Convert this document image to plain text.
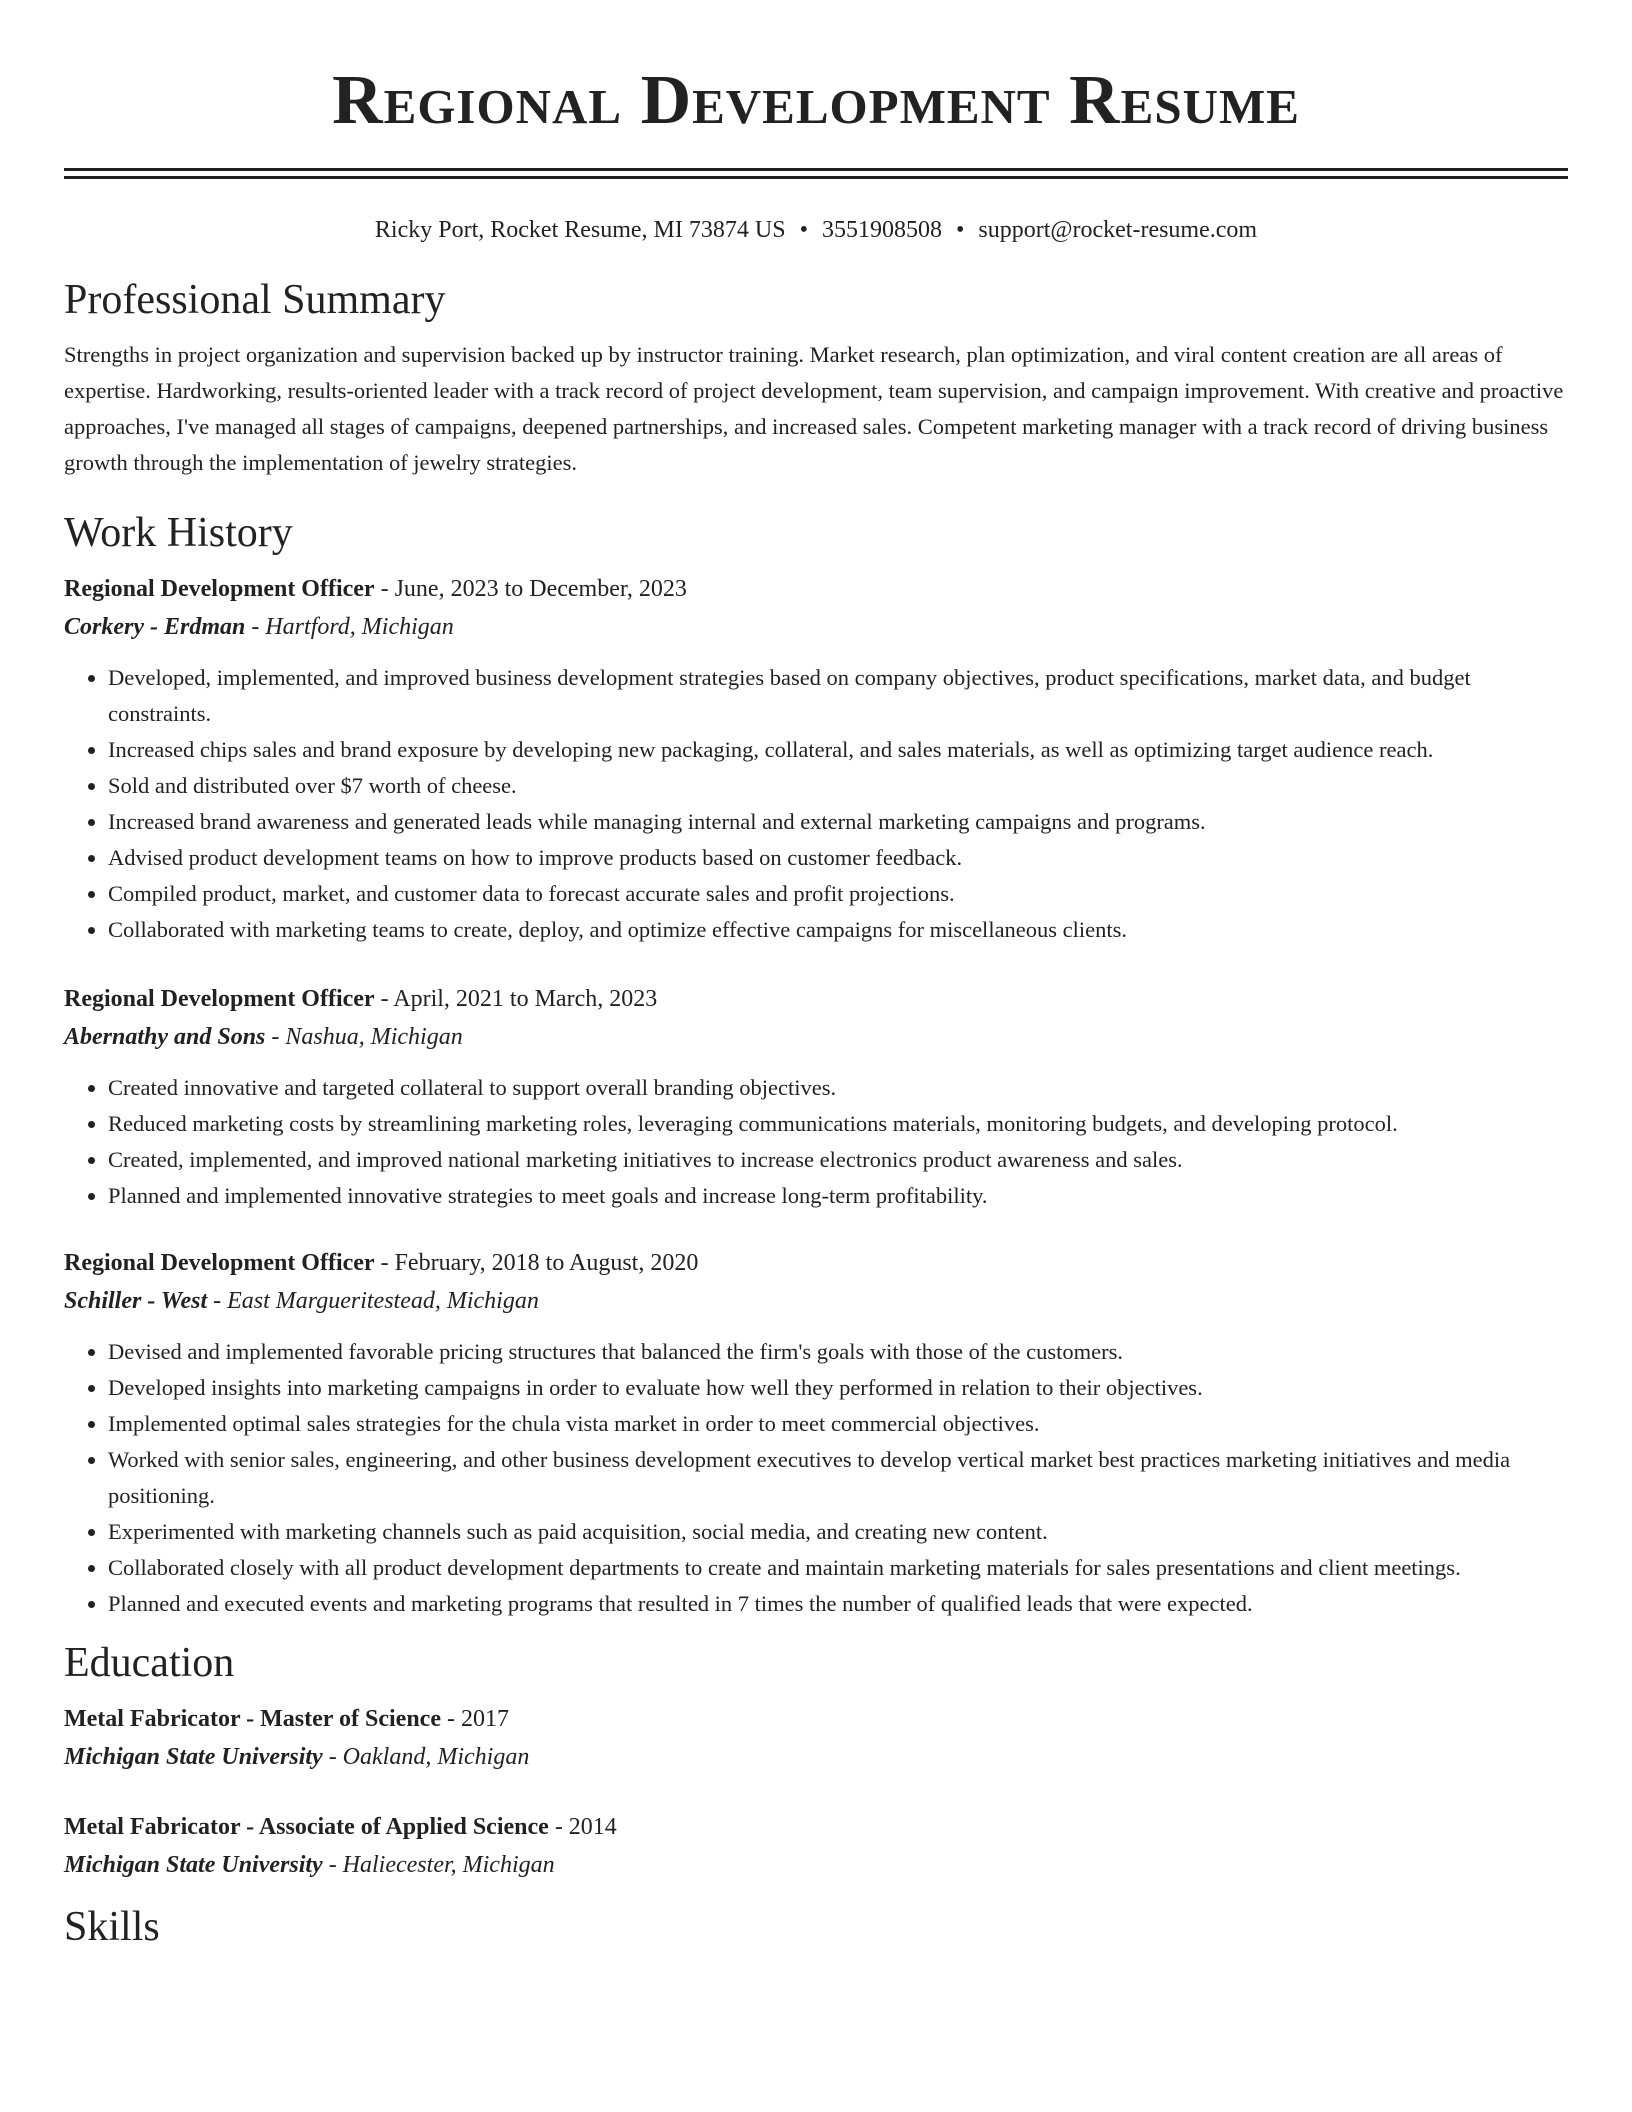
Regional Development Resume
Ricky Port, Rocket Resume, MI 73874 US • 3551908508 • support@rocket-resume.com
Professional Summary

Strengths in project organization and supervision backed up by instructor training. Market research, plan optimization, and viral content creation are all areas of expertise. Hardworking, results-oriented leader with a track record of project development, team supervision, and campaign improvement. With creative and proactive approaches, I've managed all stages of campaigns, deepened partnerships, and increased sales. Competent marketing manager with a track record of driving business growth through the implementation of jewelry strategies.

Work History
Regional Development Officer - June, 2023 to December, 2023
Corkery - Erdman - Hartford, Michigan
• Developed, implemented, and improved business development strategies based on company objectives, product specifications, market data, and budget constraints.
• Increased chips sales and brand exposure by developing new packaging, collateral, and sales materials, as well as optimizing target audience reach.
• Sold and distributed over $7 worth of cheese.
• Increased brand awareness and generated leads while managing internal and external marketing campaigns and programs.
• Advised product development teams on how to improve products based on customer feedback.
• Compiled product, market, and customer data to forecast accurate sales and profit projections.
• Collaborated with marketing teams to create, deploy, and optimize effective campaigns for miscellaneous clients.
Regional Development Officer - April, 2021 to March, 2023
Abernathy and Sons - Nashua, Michigan
• Created innovative and targeted collateral to support overall branding objectives.
• Reduced marketing costs by streamlining marketing roles, leveraging communications materials, monitoring budgets, and developing protocol.
• Created, implemented, and improved national marketing initiatives to increase electronics product awareness and sales.
• Planned and implemented innovative strategies to meet goals and increase long-term profitability.
Regional Development Officer - February, 2018 to August, 2020
Schiller - West - East Margueritestead, Michigan
• Devised and implemented favorable pricing structures that balanced the firm's goals with those of the customers.
• Developed insights into marketing campaigns in order to evaluate how well they performed in relation to their objectives.
• Implemented optimal sales strategies for the chula vista market in order to meet commercial objectives.
• Worked with senior sales, engineering, and other business development executives to develop vertical market best practices marketing initiatives and media positioning.
• Experimented with marketing channels such as paid acquisition, social media, and creating new content.
• Collaborated closely with all product development departments to create and maintain marketing materials for sales presentations and client meetings.
• Planned and executed events and marketing programs that resulted in 7 times the number of qualified leads that were expected.
Education
Metal Fabricator - Master of Science - 2017
Michigan State University - Oakland, Michigan
Metal Fabricator - Associate of Applied Science - 2014
Michigan State University - Haliecester, Michigan
Skills
